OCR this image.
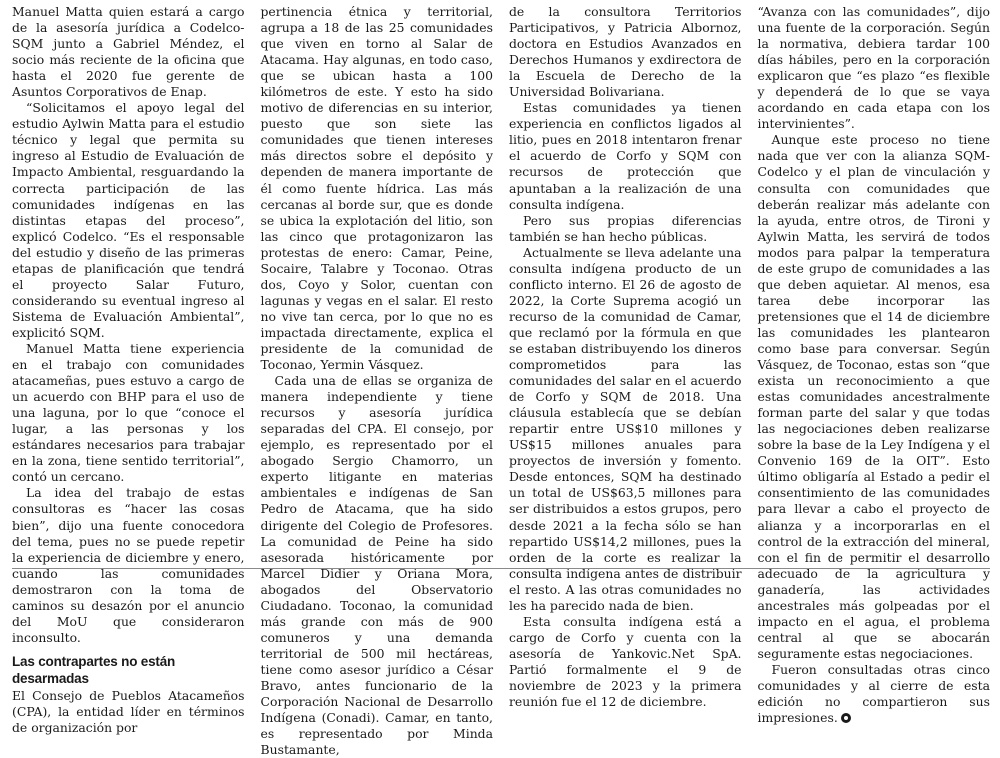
Manuel Matta quien estará a cargo de la asesoría jurídica a Codelco-SQM junto a Gabriel Méndez, el socio más reciente de la oficina que hasta el 2020 fue gerente de Asuntos Corporativos de Enap.

“Solicitamos el apoyo legal del estudio Aylwin Matta para el estudio técnico y legal que permita su ingreso al Estudio de Evaluación de Impacto Ambiental, resguardando la correcta participación de las comunidades indígenas en las distintas etapas del proceso”, explicó Codelco. “Es el responsable del estudio y diseño de las primeras etapas de planificación que tendrá el proyecto Salar Futuro, considerando su eventual ingreso al Sistema de Evaluación Ambiental”, explicitó SQM.

Manuel Matta tiene experiencia en el trabajo con comunidades atacameñas, pues estuvo a cargo de un acuerdo con BHP para el uso de una laguna, por lo que “conoce el lugar, a las personas y los estándares necesarios para trabajar en la zona, tiene sentido territorial”, contó un cercano.

La idea del trabajo de estas consultoras es “hacer las cosas bien”, dijo una fuente conocedora del tema, pues no se puede repetir la experiencia de diciembre y enero, cuando las comunidades demostraron con la toma de caminos su desazón por el anuncio del MoU que consideraron inconsulto.

Las contrapartes no están desarmadas

El Consejo de Pueblos Atacameños (CPA), la entidad líder en términos de organización por

pertinencia étnica y territorial, agrupa a 18 de las 25 comunidades que viven en torno al Salar de Atacama. Hay algunas, en todo caso, que se ubican hasta a 100 kilómetros de este. Y esto ha sido motivo de diferencias en su interior, puesto que son siete las comunidades que tienen intereses más directos sobre el depósito y dependen de manera importante de él como fuente hídrica. Las más cercanas al borde sur, que es donde se ubica la explotación del litio, son las cinco que protagonizaron las protestas de enero: Camar, Peine, Socaire, Talabre y Toconao. Otras dos, Coyo y Solor, cuentan con lagunas y vegas en el salar. El resto no vive tan cerca, por lo que no es impactada directamente, explica el presidente de la comunidad de Toconao, Yermin Vásquez.

Cada una de ellas se organiza de manera independiente y tiene recursos y asesoría jurídica separadas del CPA. El consejo, por ejemplo, es representado por el abogado Sergio Chamorro, un experto litigante en materias ambientales e indígenas de San Pedro de Atacama, que ha sido dirigente del Colegio de Profesores. La comunidad de Peine ha sido asesorada históricamente por Marcel Didier y Oriana Mora, abogados del Observatorio Ciudadano. Toconao, la comunidad más grande con más de 900 comuneros y una demanda territorial de 500 mil hectáreas, tiene como asesor jurídico a César Bravo, antes funcionario de la Corporación Nacional de Desarrollo Indígena (Conadi). Camar, en tanto, es representado por Minda Bustamante,

de la consultora Territorios Participativos, y Patricia Albornoz, doctora en Estudios Avanzados en Derechos Humanos y exdirectora de la Escuela de Derecho de la Universidad Bolivariana.

Estas comunidades ya tienen experiencia en conflictos ligados al litio, pues en 2018 intentaron frenar el acuerdo de Corfo y SQM con recursos de protección que apuntaban a la realización de una consulta indígena.

Pero sus propias diferencias también se han hecho públicas.

Actualmente se lleva adelante una consulta indígena producto de un conflicto interno. El 26 de agosto de 2022, la Corte Suprema acogió un recurso de la comunidad de Camar, que reclamó por la fórmula en que se estaban distribuyendo los dineros comprometidos para las comunidades del salar en el acuerdo de Corfo y SQM de 2018. Una cláusula establecía que se debían repartir entre US$10 millones y US$15 millones anuales para proyectos de inversión y fomento. Desde entonces, SQM ha destinado un total de US$63,5 millones para ser distribuidos a estos grupos, pero desde 2021 a la fecha sólo se han repartido US$14,2 millones, pues la orden de la corte es realizar la consulta indígena antes de distribuir el resto. A las otras comunidades no les ha parecido nada de bien.

Esta consulta indígena está a cargo de Corfo y cuenta con la asesoría de Yankovic.Net SpA. Partió formalmente el 9 de noviembre de 2023 y la primera reunión fue el 12 de diciembre.

“Avanza con las comunidades”, dijo una fuente de la corporación. Según la normativa, debiera tardar 100 días hábiles, pero en la corporación explicaron que “es plazo “es flexible y dependerá de lo que se vaya acordando en cada etapa con los intervinientes”.

Aunque este proceso no tiene nada que ver con la alianza SQM-Codelco y el plan de vinculación y consulta con comunidades que deberán realizar más adelante con la ayuda, entre otros, de Tironi y Aylwin Matta, les servirá de todos modos para palpar la temperatura de este grupo de comunidades a las que deben aquietar. Al menos, esa tarea debe incorporar las pretensiones que el 14 de diciembre las comunidades les plantearon como base para conversar. Según Vásquez, de Toconao, estas son “que exista un reconocimiento a que estas comunidades ancestralmente forman parte del salar y que todas las negociaciones deben realizarse sobre la base de la Ley Indígena y el Convenio 169 de la OIT”. Esto último obligaría al Estado a pedir el consentimiento de las comunidades para llevar a cabo el proyecto de alianza y a incorporarlas en el control de la extracción del mineral, con el fin de permitir el desarrollo adecuado de la agricultura y ganadería, las actividades ancestrales más golpeadas por el impacto en el agua, el problema central al que se abocarán seguramente estas negociaciones.

Fueron consultadas otras cinco comunidades y al cierre de esta edición no compartieron sus impresiones.
